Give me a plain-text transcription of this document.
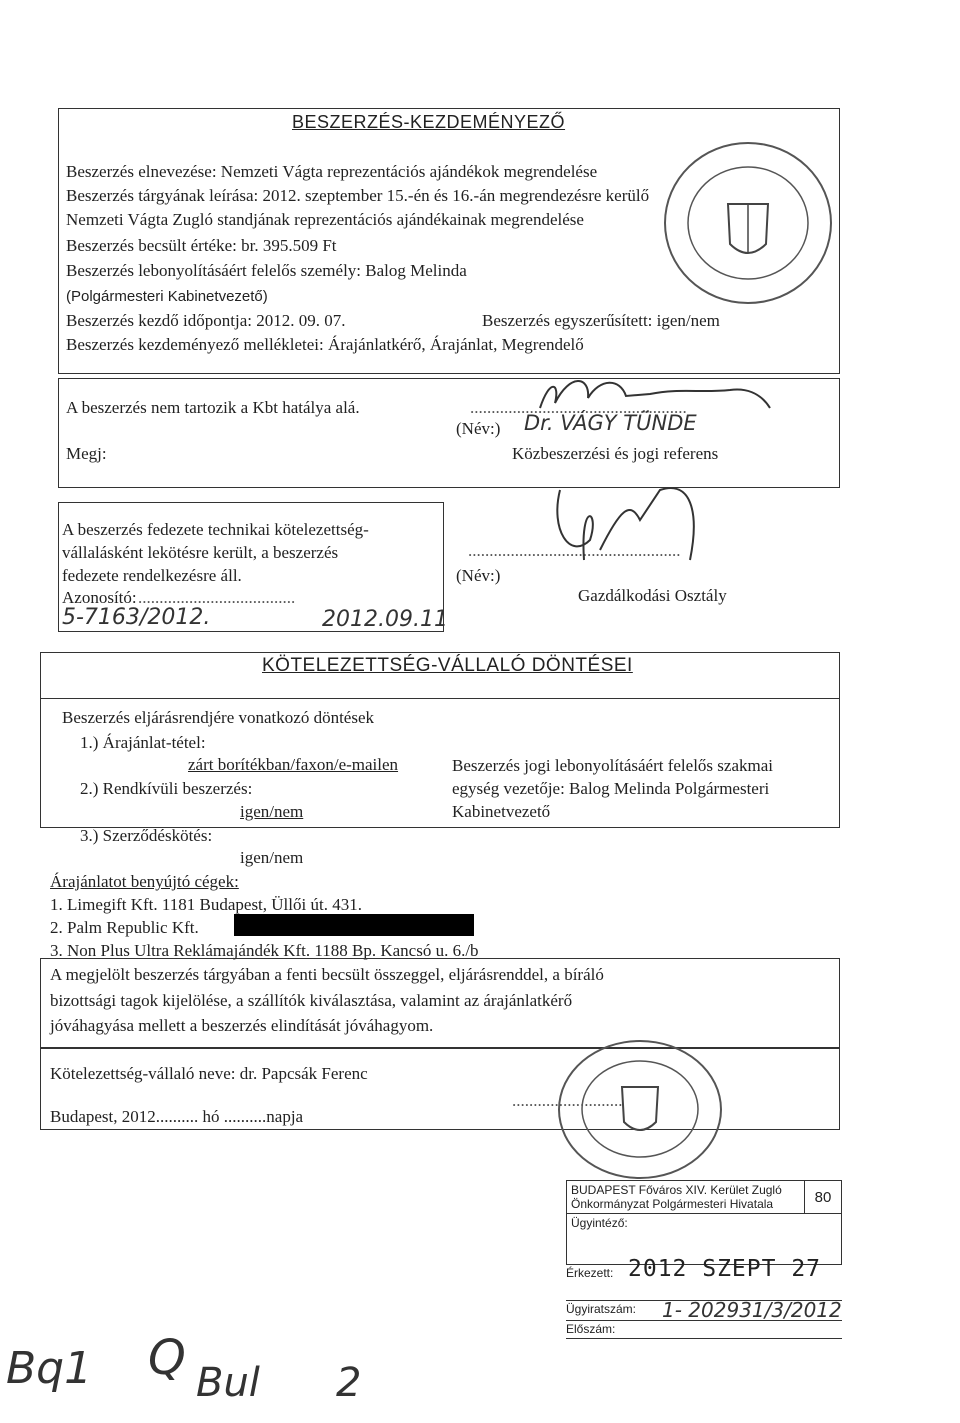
BESZERZÉS-KEZDEMÉNYEZŐ
Beszerzés elnevezése: Nemzeti Vágta reprezentációs ajándékok megrendelése
Beszerzés tárgyának leírása: 2012. szeptember 15.-én és 16.-án megrendezésre kerülő
Nemzeti Vágta Zugló standjának reprezentációs ajándékainak megrendelése
Beszerzés becsült értéke: br. 395.509 Ft
Beszerzés lebonyolításáért felelős személy: Balog Melinda
(Polgármesteri Kabinetvezető)
Beszerzés kezdő időpontja: 2012. 09. 07.	Beszerzés egyszerűsített: igen/nem
Beszerzés kezdeményező mellékletei: Árajánlatkérő, Árajánlat, Megrendelő
A beszerzés nem tartozik a Kbt hatálya alá.
Megj:
...................................................
(Név:) Dr. VÁGY TÜNDE
Közbeszerzési és jogi referens
A beszerzés fedezete technikai kötelezettség-
vállalásként lekötésre került, a beszerzés
fedezete rendelkezésre áll.
Azonosító: .....................................
5-7163/2012.	2012.09.11
..................................................
(Név:)
Gazdálkodási Osztály
KÖTELEZETTSÉG-VÁLLALÓ DÖNTÉSEI
Beszerzés eljárásrendjére vonatkozó döntések
1.) Árajánlat-tétel:
zárt borítékban/faxon/e-mailen
2.) Rendkívüli beszerzés:
igen/nem
3.) Szerződéskötés:
igen/nem
Beszerzés jogi lebonyolításáért felelős szakmai
egység vezetője: Balog Melinda Polgármesteri
Kabinetvezető
Árajánlatot benyújtó cégek:
1. Limegift Kft. 1181 Budapest, Üllői út. 431.
2. Palm Republic Kft.
3. Non Plus Ultra Reklámajándék Kft. 1188 Bp. Kancsó u. 6./b
A megjelölt beszerzés tárgyában a fenti becsült összeggel, eljárásrenddel, a bíráló
bizottsági tagok kijelölése, a szállítók kiválasztása, valamint az árajánlatkérő
jóváhagyása mellett a beszerzés elindítását jóváhagyom.
Kötelezettség-vállaló neve: dr. Papcsák Ferenc
Budapest, 2012.......... hó ..........napja
..........................
BUDAPEST Főváros XIV. Kerület Zugló
Önkormányzat Polgármesteri Hivatala	80
Ügyintéző:
Érkezett: 2012 SZEPT 27
Ügyiratszám: 1- 202931/3/2012
Előszám:
Bq1 Q Bul 2
